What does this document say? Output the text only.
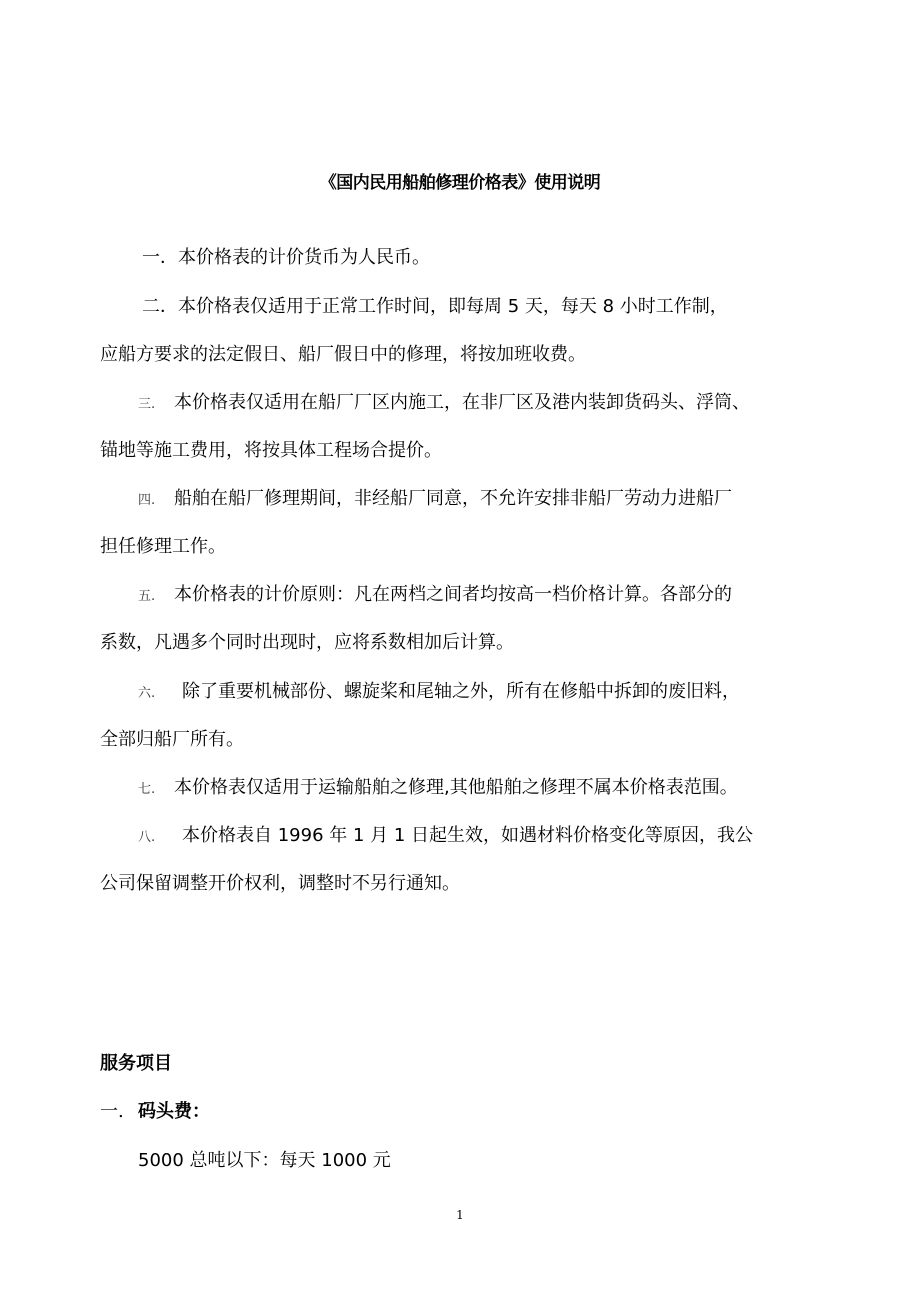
《国内民用船舶修理价格表》使用说明
一．本价格表的计价货币为人民币。
二．本价格表仅适用于正常工作时间，即每周 5 天，每天 8 小时工作制，
应船方要求的法定假日、船厂假日中的修理，将按加班收费。
三. 本价格表仅适用在船厂厂区内施工，在非厂区及港内装卸货码头、浮筒、
锚地等施工费用，将按具体工程场合提价。
四. 船舶在船厂修理期间，非经船厂同意，不允许安排非船厂劳动力进船厂
担任修理工作。
五. 本价格表的计价原则：凡在两档之间者均按高一档价格计算。各部分的
系数，凡遇多个同时出现时，应将系数相加后计算。
六. 除了重要机械部份、螺旋桨和尾轴之外，所有在修船中拆卸的废旧料，
全部归船厂所有。
七. 本价格表仅适用于运输船舶之修理,其他船舶之修理不属本价格表范围。
八. 本价格表自 1996 年 1 月 1 日起生效，如遇材料价格变化等原因，我公
公司保留调整开价权利，调整时不另行通知。
服务项目
一. 码头费：
5000 总吨以下：每天 1000 元
1
